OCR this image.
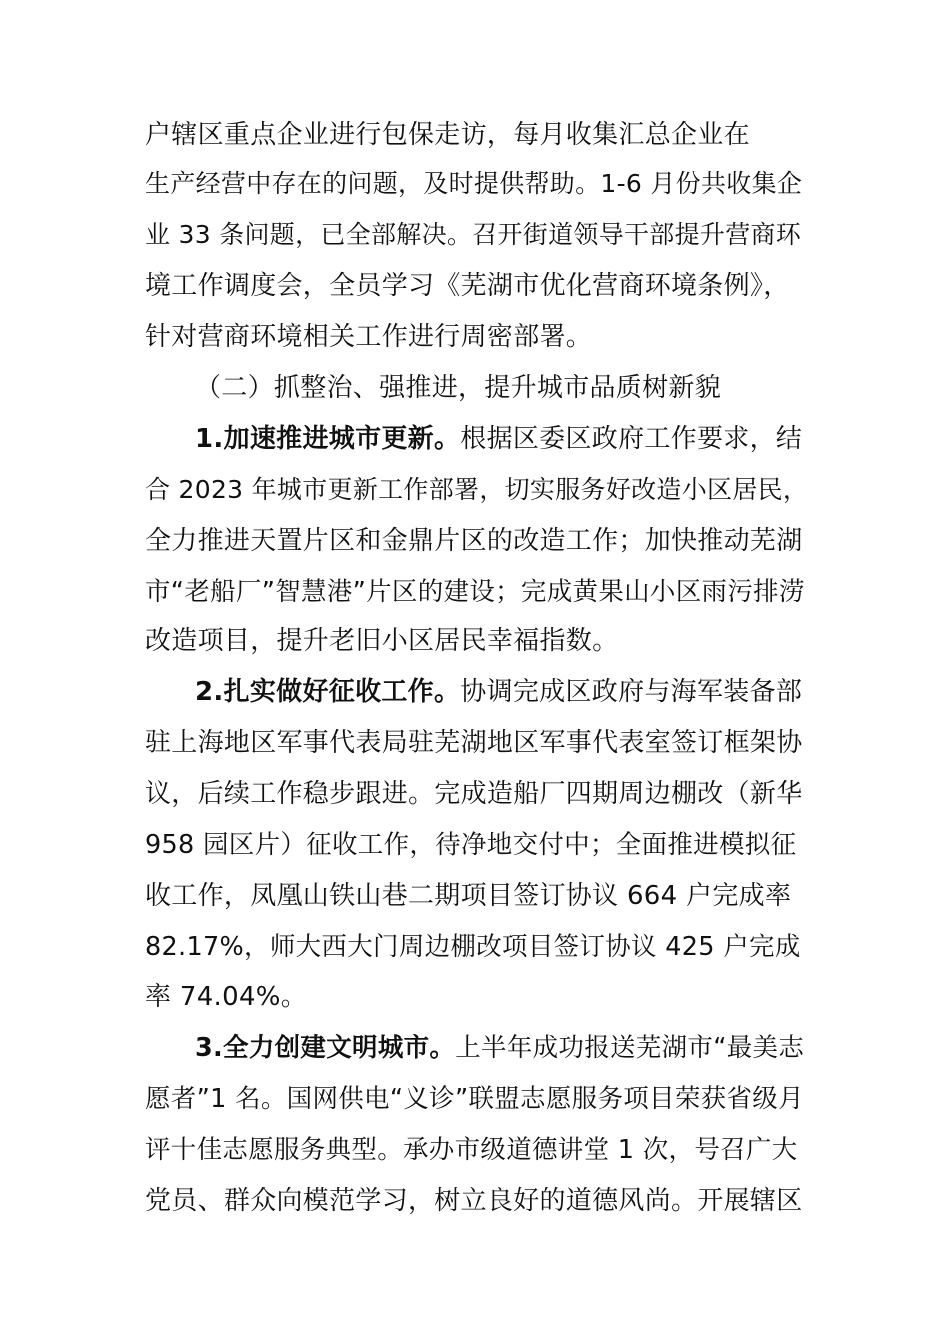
户辖区重点企业进行包保走访，每月收集汇总企业在
生产经营中存在的问题，及时提供帮助。1-6 月份共收集企
业 33 条问题，已全部解决。召开街道领导干部提升营商环
境工作调度会，全员学习《芜湖市优化营商环境条例》，
针对营商环境相关工作进行周密部署。
（二）抓整治、强推进，提升城市品质树新貌
1.加速推进城市更新。根据区委区政府工作要求，结
合 2023 年城市更新工作部署，切实服务好改造小区居民，
全力推进天置片区和金鼎片区的改造工作；加快推动芜湖
市“老船厂”智慧港”片区的建设；完成黄果山小区雨污排涝
改造项目，提升老旧小区居民幸福指数。
2.扎实做好征收工作。协调完成区政府与海军装备部
驻上海地区军事代表局驻芜湖地区军事代表室签订框架协
议，后续工作稳步跟进。完成造船厂四期周边棚改（新华
958 园区片）征收工作，待净地交付中；全面推进模拟征
收工作，凤凰山铁山巷二期项目签订协议 664 户完成率
82.17%，师大西大门周边棚改项目签订协议 425 户完成
率 74.04%。
3.全力创建文明城市。上半年成功报送芜湖市“最美志
愿者”1 名。国网供电“义诊”联盟志愿服务项目荣获省级月
评十佳志愿服务典型。承办市级道德讲堂 1 次，号召广大
党员、群众向模范学习，树立良好的道德风尚。开展辖区
